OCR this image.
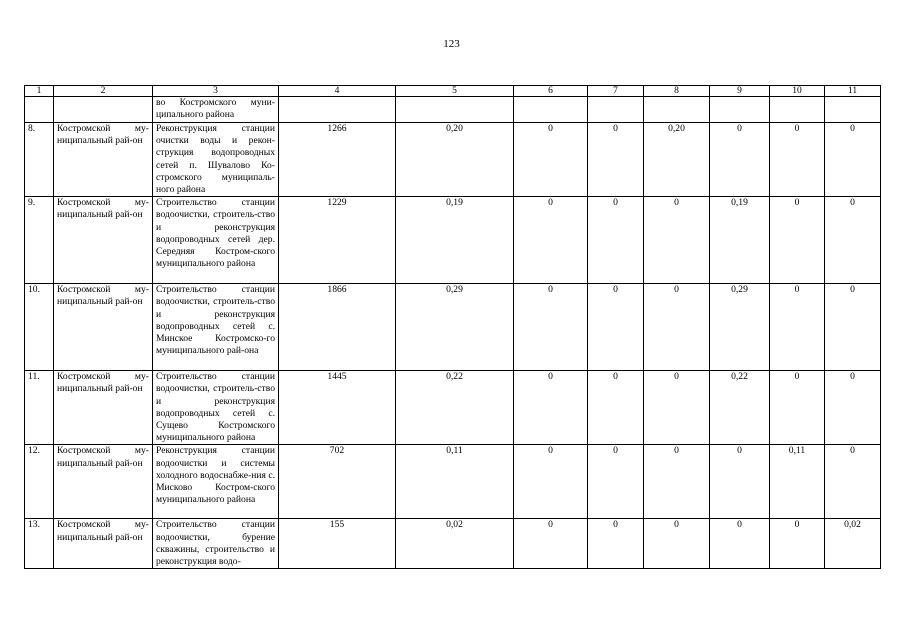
123
1	2	3	4	5	6	7	8	9	10	11
		во Костромского муни-ципального района								
8.	Костромской му-ниципальный рай-он	Реконструкция станции очистки воды и рекон-струкция водопроводных сетей п. Шувалово Ко-стромского муниципаль-ного района	1266	0,20	0	0	0,20	0	0	0
9.	Костромской му-ниципальный рай-он	Строительство станции водоочистки, строитель-ство и реконструкция водопроводных сетей дер. Середняя Костром-ского муниципального района	1229	0,19	0	0	0	0,19	0	0
10.	Костромской му-ниципальный рай-он	Строительство станции водоочистки, строитель-ство и реконструкция водопроводных сетей с. Минское Костромско-го муниципального рай-она	1866	0,29	0	0	0	0,29	0	0
11.	Костромской му-ниципальный рай-он	Строительство станции водоочистки, строитель-ство и реконструкция водопроводных сетей с. Сущево Костромского муниципального района	1445	0,22	0	0	0	0,22	0	0
12.	Костромской му-ниципальный рай-он	Реконструкция станции водоочистки и системы холодного водоснабже-ния с. Мисково Костром-ского муниципального района	702	0,11	0	0	0	0	0,11	0
13.	Костромской му-ниципальный рай-он	Строительство станции водоочистки, бурение скважины, строительство и реконструкция водо-	155	0,02	0	0	0	0	0	0,02
